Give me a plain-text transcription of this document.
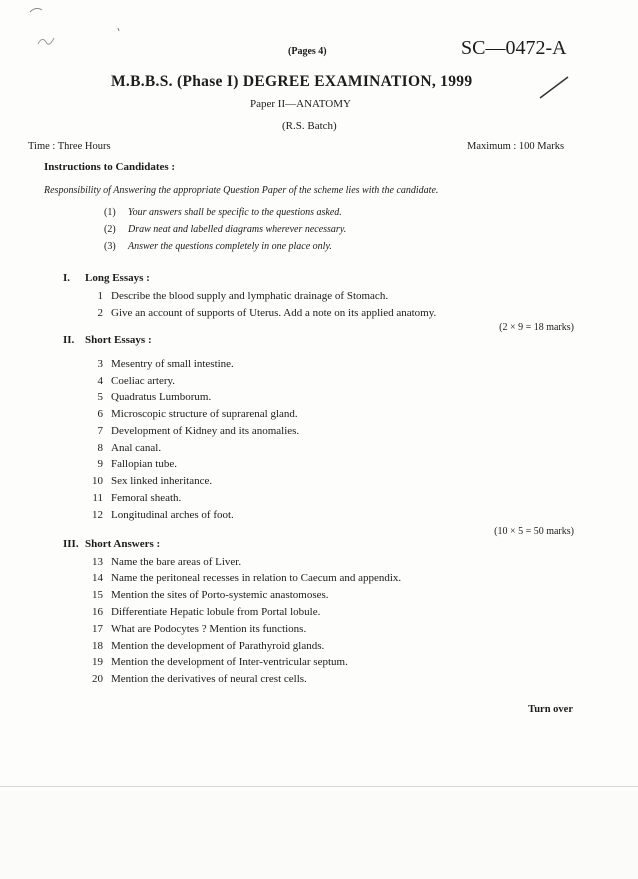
(Pages 4)	SC—0472-A
M.B.B.S. (Phase I) DEGREE EXAMINATION, 1999
Paper II—ANATOMY
(R.S. Batch)
Time : Three Hours	Maximum : 100 Marks
Instructions to Candidates :
Responsibility of Answering the appropriate Question Paper of the scheme lies with the candidate.
(1) Your answers shall be specific to the questions asked.
(2) Draw neat and labelled diagrams wherever necessary.
(3) Answer the questions completely in one place only.
I. Long Essays :
1 Describe the blood supply and lymphatic drainage of Stomach.
2 Give an account of supports of Uterus. Add a note on its applied anatomy.
(2 × 9 = 18 marks)
II. Short Essays :
3 Mesentry of small intestine.
4 Coeliac artery.
5 Quadratus Lumborum.
6 Microscopic structure of suprarenal gland.
7 Development of Kidney and its anomalies.
8 Anal canal.
9 Fallopian tube.
10 Sex linked inheritance.
11 Femoral sheath.
12 Longitudinal arches of foot.
(10 × 5 = 50 marks)
III. Short Answers :
13 Name the bare areas of Liver.
14 Name the peritoneal recesses in relation to Caecum and appendix.
15 Mention the sites of Porto-systemic anastomoses.
16 Differentiate Hepatic lobule from Portal lobule.
17 What are Podocytes ? Mention its functions.
18 Mention the development of Parathyroid glands.
19 Mention the development of Inter-ventricular septum.
20 Mention the derivatives of neural crest cells.
Turn over
